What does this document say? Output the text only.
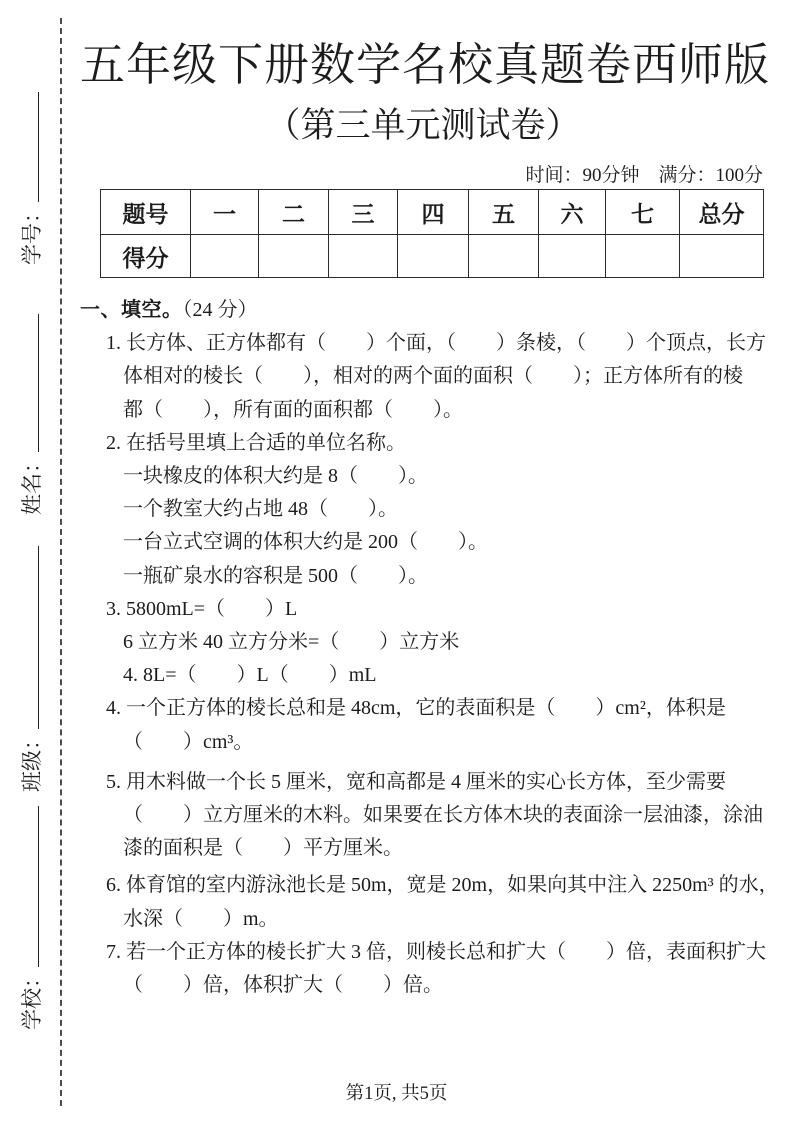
学号：
姓名：
班级：
学校：
五年级下册数学名校真题卷西师版
（第三单元测试卷）
时间：90分钟　满分：100分
题号	一	二	三	四	五	六	七	总分
得分								
一、填空。（24 分）
1. 长方体、正方体都有（　　）个面，（　　）条棱，（　　）个顶点，长方
体相对的棱长（　　），相对的两个面的面积（　　）；正方体所有的棱
都（　　），所有面的面积都（　　）。
2. 在括号里填上合适的单位名称。
一块橡皮的体积大约是 8（　　）。
一个教室大约占地 48（　　）。
一台立式空调的体积大约是 200（　　）。
一瓶矿泉水的容积是 500（　　）。
3. 5800mL=（　　）L
6 立方米 40 立方分米=（　　）立方米
4. 8L=（　　）L（　　）mL
4. 一个正方体的棱长总和是 48cm，它的表面积是（　　）cm²，体积是
（　　）cm³。
5. 用木料做一个长 5 厘米，宽和高都是 4 厘米的实心长方体，至少需要
（　　）立方厘米的木料。如果要在长方体木块的表面涂一层油漆，涂油
漆的面积是（　　）平方厘米。
6. 体育馆的室内游泳池长是 50m，宽是 20m，如果向其中注入 2250m³ 的水，
水深（　　）m。
7. 若一个正方体的棱长扩大 3 倍，则棱长总和扩大（　　）倍，表面积扩大
（　　）倍，体积扩大（　　）倍。
第1页, 共5页
